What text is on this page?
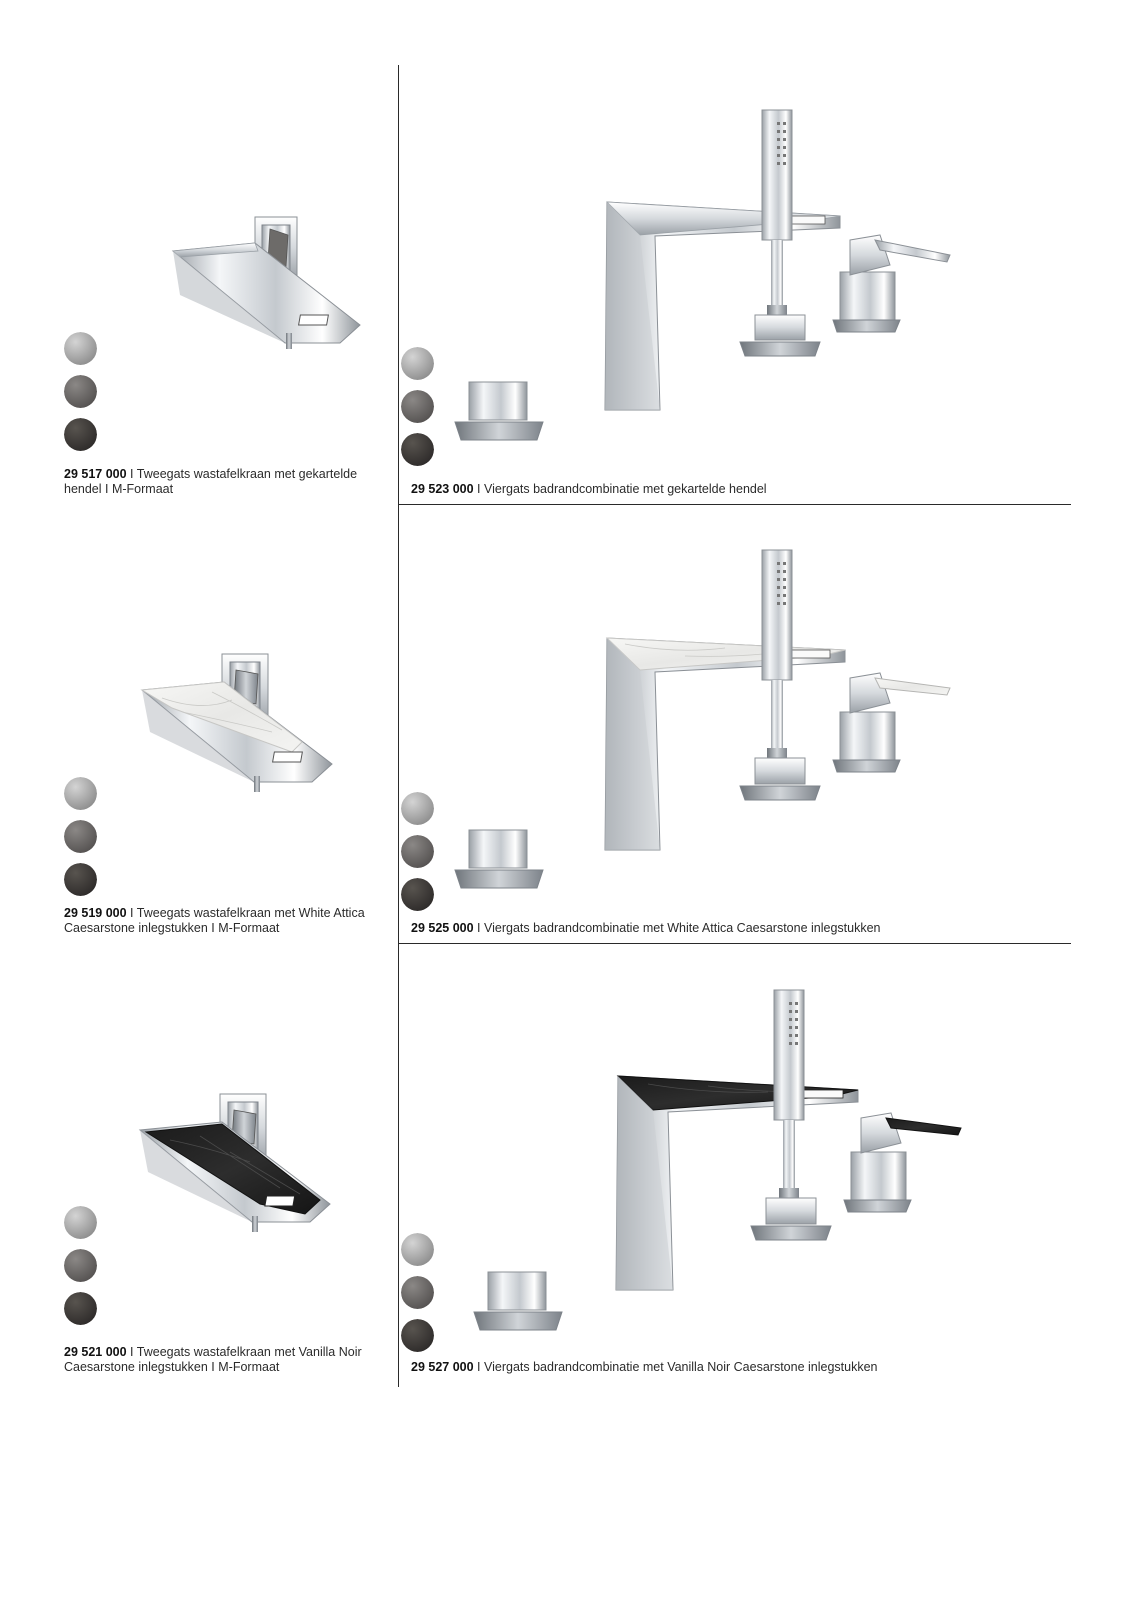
29 517 000 I Tweegats wastafelkraan met gekartelde hendel I M-Formaat	29 523 000 I Viergats badrandcombinatie met gekartelde hendel
29 519 000 I Tweegats wastafelkraan met White Attica Caesarstone inlegstukken I M-Formaat	29 525 000 I Viergats badrandcombinatie met White Attica Caesarstone inlegstukken
29 521 000 I Tweegats wastafelkraan met Vanilla Noir Caesarstone inlegstukken I M-Formaat	29 527 000 I Viergats badrandcombinatie met Vanilla Noir Caesarstone inlegstukken
